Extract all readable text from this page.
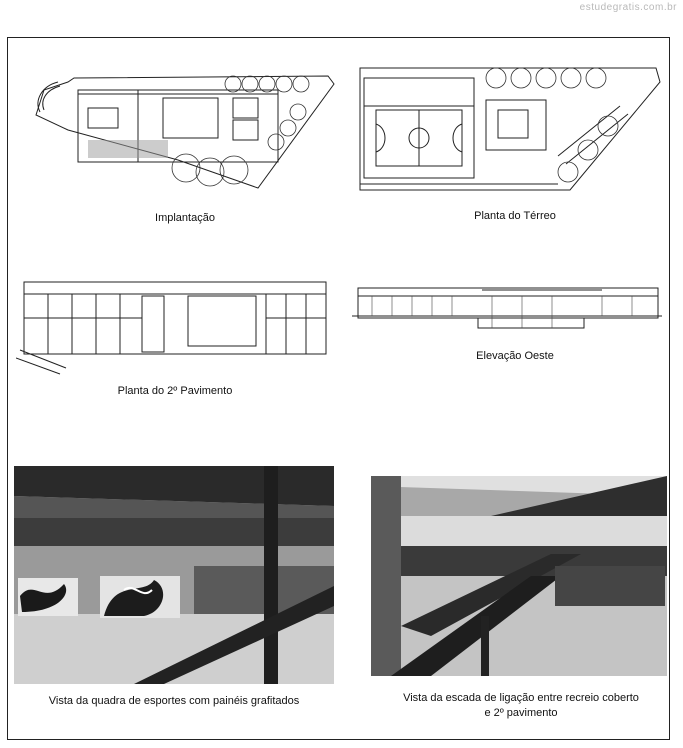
estudegratis.com.br
Implantação	Planta do Térreo
Planta do 2º Pavimento
Elevação Oeste
Vista da quadra de esportes com painéis grafitados	Vista da escada de ligação entre recreio coberto
e 2º pavimento
